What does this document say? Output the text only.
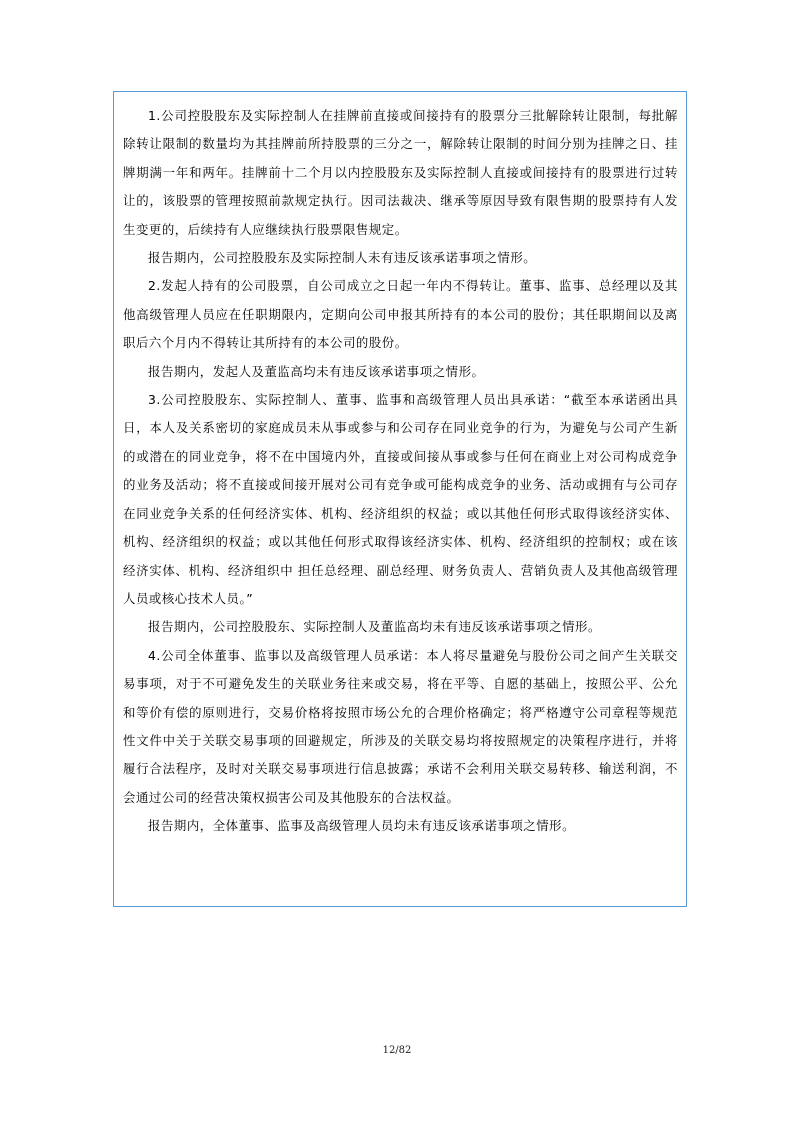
1.公司控股股东及实际控制人在挂牌前直接或间接持有的股票分三批解除转让限制，每批解除转让限制的数量均为其挂牌前所持股票的三分之一，解除转让限制的时间分别为挂牌之日、挂牌期满一年和两年。挂牌前十二个月以内控股股东及实际控制人直接或间接持有的股票进行过转让的，该股票的管理按照前款规定执行。因司法裁决、继承等原因导致有限售期的股票持有人发生变更的，后续持有人应继续执行股票限售规定。

报告期内，公司控股股东及实际控制人未有违反该承诺事项之情形。

2.发起人持有的公司股票，自公司成立之日起一年内不得转让。董事、监事、总经理以及其他高级管理人员应在任职期限内，定期向公司申报其所持有的本公司的股份；其任职期间以及离职后六个月内不得转让其所持有的本公司的股份。

报告期内，发起人及董监高均未有违反该承诺事项之情形。

3.公司控股股东、实际控制人、董事、监事和高级管理人员出具承诺：“截至本承诺函出具日，本人及关系密切的家庭成员未从事或参与和公司存在同业竞争的行为，为避免与公司产生新的或潜在的同业竞争，将不在中国境内外，直接或间接从事或参与任何在商业上对公司构成竞争的业务及活动；将不直接或间接开展对公司有竞争或可能构成竞争的业务、活动或拥有与公司存在同业竞争关系的任何经济实体、机构、经济组织的权益；或以其他任何形式取得该经济实体、机构、经济组织的权益；或以其他任何形式取得该经济实体、机构、经济组织的控制权；或在该经济实体、机构、经济组织中 担任总经理、副总经理、财务负责人、营销负责人及其他高级管理人员或核心技术人员。”

报告期内，公司控股股东、实际控制人及董监高均未有违反该承诺事项之情形。

4.公司全体董事、监事以及高级管理人员承诺：本人将尽量避免与股份公司之间产生关联交易事项，对于不可避免发生的关联业务往来或交易，将在平等、自愿的基础上，按照公平、公允和等价有偿的原则进行，交易价格将按照市场公允的合理价格确定；将严格遵守公司章程等规范性文件中关于关联交易事项的回避规定，所涉及的关联交易均将按照规定的决策程序进行，并将履行合法程序，及时对关联交易事项进行信息披露；承诺不会利用关联交易转移、输送利润，不会通过公司的经营决策权损害公司及其他股东的合法权益。

报告期内，全体董事、监事及高级管理人员均未有违反该承诺事项之情形。

12/82
